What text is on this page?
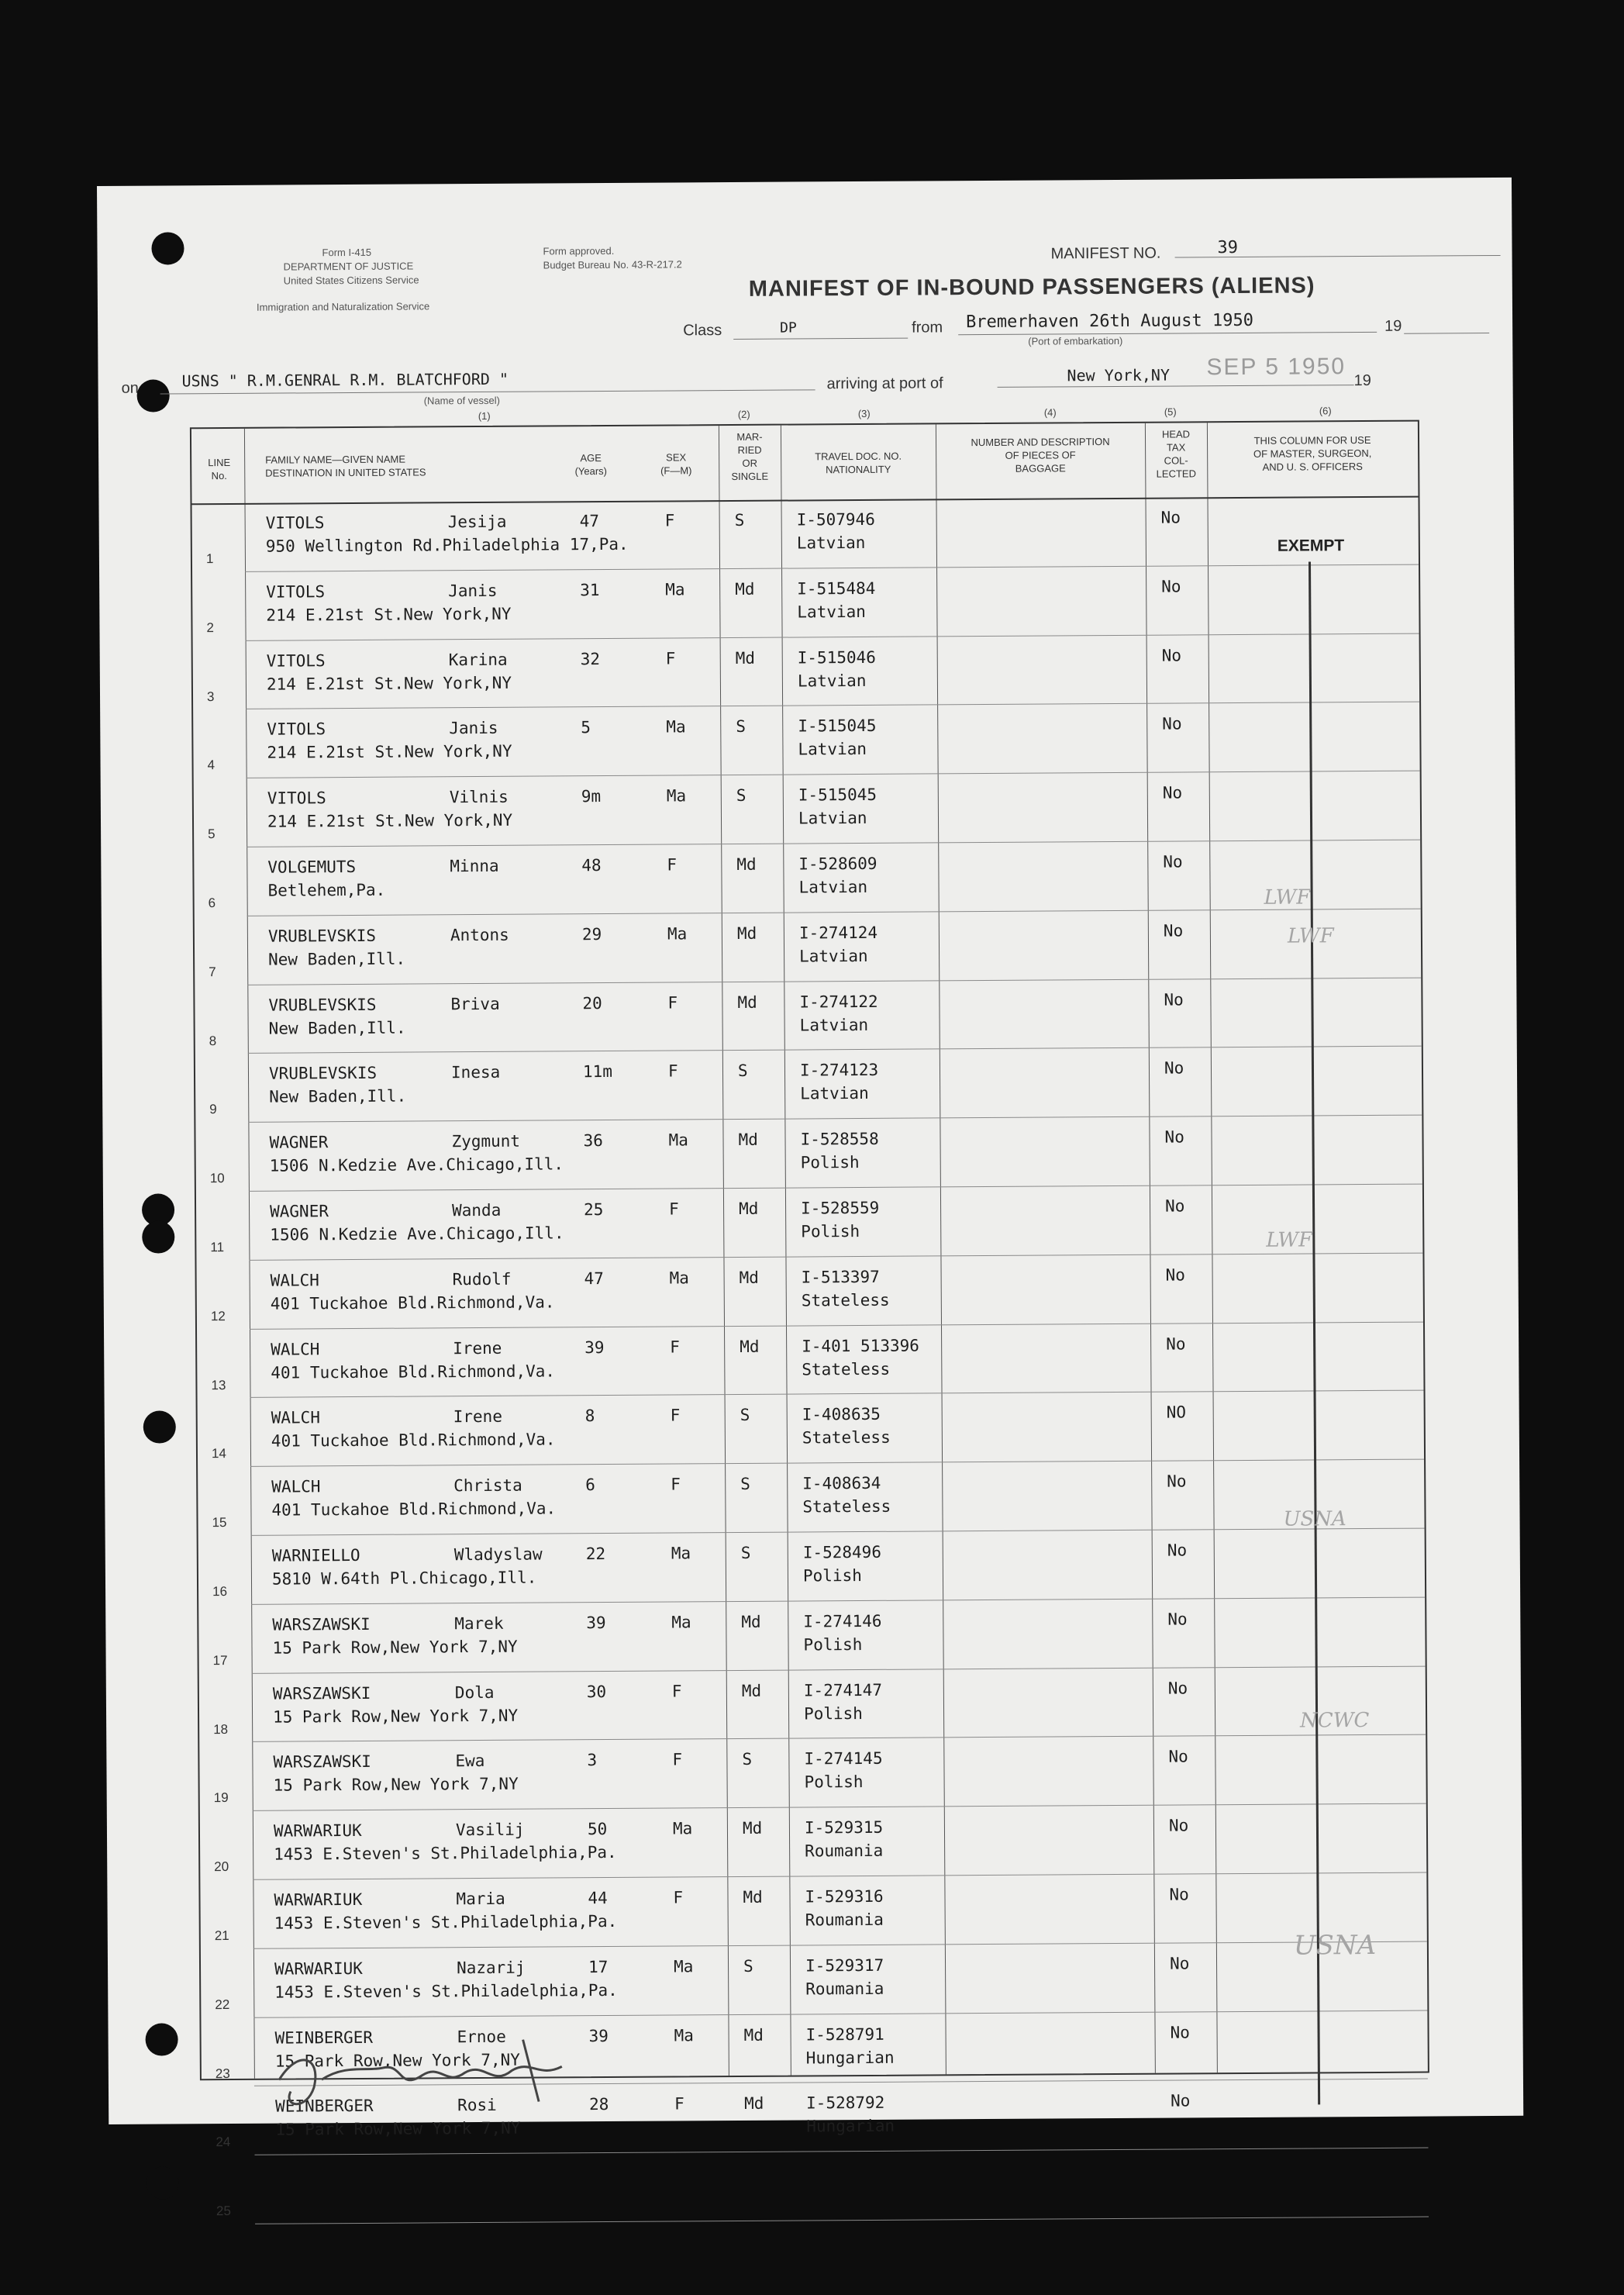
Form I-415
DEPARTMENT OF JUSTICE
United States Citizens Service
Immigration and Naturalization Service
Form approved.
Budget Bureau No. 43-R-217.2
MANIFEST NO.	39
MANIFEST OF IN-BOUND PASSENGERS (ALIENS)
Class	DP	from Bremerhaven 26th August 1950
(Port of embarkation)
19
on	USNS " R.M.GENRAL R.M. BLATCHFORD "
(Name of vessel)
arriving at port of	New York,NY SEP 5 1950
19
(1)	(2)	(3)	(4)	(5)	(6)
LINE
No.
FAMILY NAME—GIVEN NAME
DESTINATION IN UNITED STATES
AGE
(Years)
SEX
(F—M)
MAR-
RIED
OR
SINGLE
TRAVEL DOC. NO.
NATIONALITY
NUMBER AND DESCRIPTION
OF PIECES OF
BAGGAGE
HEAD
TAX
COL-
LECTED
THIS COLUMN FOR USE
OF MASTER, SURGEON,
AND U. S. OFFICERS
1
VITOLS	Jesija	47	F
950 Wellington Rd.Philadelphia 17,Pa.
S	I-507946
Latvian
No
2
VITOLS	Janis	31	Ma
214 E.21st St.New York,NY
Md	I-515484
Latvian
No
3
VITOLS	Karina	32	F
214 E.21st St.New York,NY
Md	I-515046
Latvian
No
4
VITOLS	Janis	5	Ma
214 E.21st St.New York,NY
S	I-515045
Latvian
No
5
VITOLS	Vilnis	9m	Ma
214 E.21st St.New York,NY
S	I-515045
Latvian
No
6
VOLGEMUTS	Minna	48	F
Betlehem,Pa.
Md	I-528609
Latvian
No
7
VRUBLEVSKIS	Antons	29	Ma
New Baden,Ill.
Md	I-274124
Latvian
No
8
VRUBLEVSKIS	Briva	20	F
New Baden,Ill.
Md	I-274122
Latvian
No
9
VRUBLEVSKIS	Inesa	11m	F
New Baden,Ill.
S	I-274123
Latvian
No
10
WAGNER	Zygmunt	36	Ma
1506 N.Kedzie Ave.Chicago,Ill.
Md	I-528558
Polish
No
11
WAGNER	Wanda	25	F
1506 N.Kedzie Ave.Chicago,Ill.
Md	I-528559
Polish
No
12
WALCH	Rudolf	47	Ma
401 Tuckahoe Bld.Richmond,Va.
Md	I-513397
Stateless
No
13
WALCH	Irene	39	F
401 Tuckahoe Bld.Richmond,Va.
Md	I-401 513396
Stateless
No
14
WALCH	Irene	8	F
401 Tuckahoe Bld.Richmond,Va.
S	I-408635
Stateless
NO
15
WALCH	Christa	6	F
401 Tuckahoe Bld.Richmond,Va.
S	I-408634
Stateless
No
16
WARNIELLO	Wladyslaw	22	Ma
5810 W.64th Pl.Chicago,Ill.
S	I-528496
Polish
No
17
WARSZAWSKI	Marek	39	Ma
15 Park Row,New York 7,NY
Md	I-274146
Polish
No
18
WARSZAWSKI	Dola	30	F
15 Park Row,New York 7,NY
Md	I-274147
Polish
No
19
WARSZAWSKI	Ewa	3	F
15 Park Row,New York 7,NY
S	I-274145
Polish
No
20
WARWARIUK	Vasilij	50	Ma
1453 E.Steven's St.Philadelphia,Pa.
Md	I-529315
Roumania
No
21
WARWARIUK	Maria	44	F
1453 E.Steven's St.Philadelphia,Pa.
Md	I-529316
Roumania
No
22
WARWARIUK	Nazarij	17	Ma
1453 E.Steven's St.Philadelphia,Pa.
S	I-529317
Roumania
No
23
WEINBERGER	Ernoe	39	Ma
15 Park Row,New York 7,NY
Md	I-528791
Hungarian
No
24
WEINBERGER	Rosi	28	F
15 Park Row,New York 7,NY
Md	I-528792
Hungarian
No
25
EXEMPT
LWF
LWF
LWF
USNA
NCWC
USNA
